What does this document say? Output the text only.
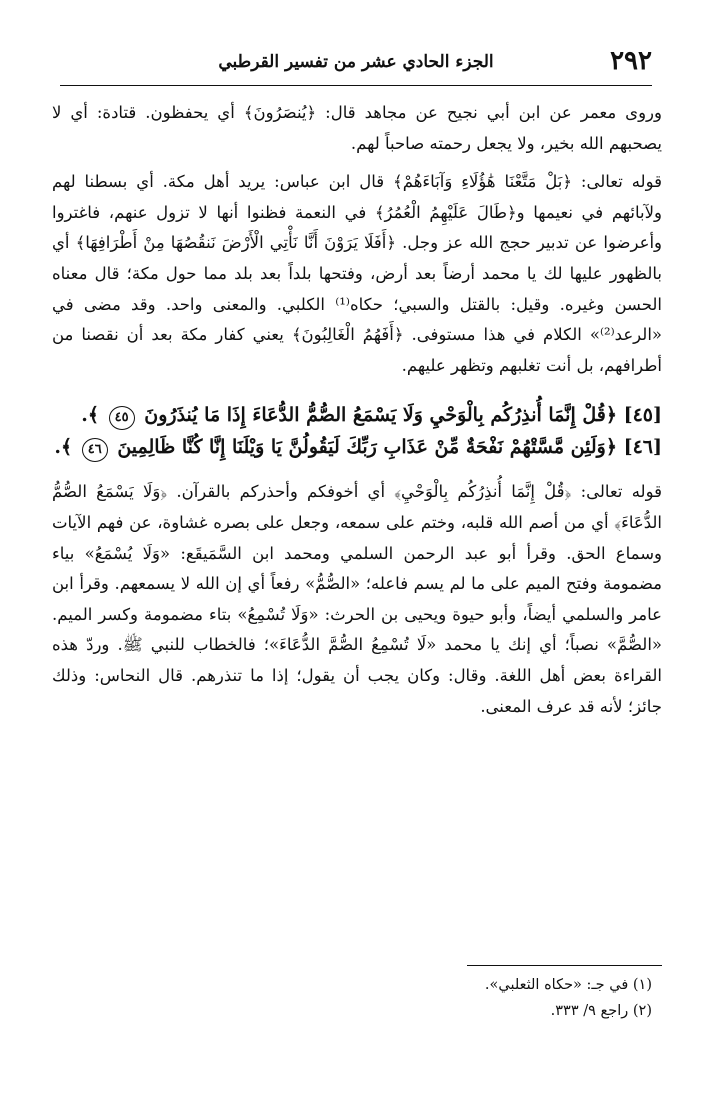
٢٩٢
الجزء الحادي عشر من تفسير القرطبي

وروى معمر عن ابن أبي نجيح عن مجاهد قال: ﴿يُنصَرُونَ﴾ أي يحفظون. قتادة: أي لا يصحبهم الله بخير، ولا يجعل رحمته صاحباً لهم.

قوله تعالى: ﴿بَلْ مَتَّعْنَا هَٰؤُلَاءِ وَآبَاءَهُمْ﴾ قال ابن عباس: يريد أهل مكة. أي بسطنا لهم ولآبائهم في نعيمها و﴿طَالَ عَلَيْهِمُ الْعُمُرُ﴾ في النعمة فظنوا أنها لا تزول عنهم، فاغتروا وأعرضوا عن تدبير حجج الله عز وجل. ﴿أَفَلَا يَرَوْنَ أَنَّا نَأْتِي الْأَرْضَ نَنقُصُهَا مِنْ أَطْرَافِهَا﴾ أي بالظهور عليها لك يا محمد أرضاً بعد أرض، وفتحها بلداً بعد بلد مما حول مكة؛ قال معناه الحسن وغيره. وقيل: بالقتل والسبي؛ حكاه⁽¹⁾ الكلبي. والمعنى واحد. وقد مضى في «الرعد⁽²⁾» الكلام في هذا مستوفى. ﴿أَفَهُمُ الْغَالِبُونَ﴾ يعني كفار مكة بعد أن نقصنا من أطرافهم، بل أنت تغلبهم وتظهر عليهم.

[٤٥] ﴿قُلْ إِنَّمَا أُنذِرُكُم بِالْوَحْيِ وَلَا يَسْمَعُ الصُّمُّ الدُّعَاءَ إِذَا مَا يُنذَرُونَ ٤٥ ﴾.

[٤٦] ﴿وَلَئِن مَّسَّتْهُمْ نَفْحَةٌ مِّنْ عَذَابِ رَبِّكَ لَيَقُولُنَّ يَا وَيْلَنَا إِنَّا كُنَّا ظَالِمِينَ ٤٦ ﴾.

قوله تعالى: ﴿قُلْ إِنَّمَا أُنذِرُكُم بِالْوَحْيِ﴾ أي أخوفكم وأحذركم بالقرآن. ﴿وَلَا يَسْمَعُ الصُّمُّ الدُّعَاءَ﴾ أي من أصم الله قلبه، وختم على سمعه، وجعل على بصره غشاوة، عن فهم الآيات وسماع الحق. وقرأ أبو عبد الرحمن السلمي ومحمد ابن السَّمَيقَع: «وَلَا يُسْمَعُ» بياء مضمومة وفتح الميم على ما لم يسم فاعله؛ «الصُّمُّ» رفعاً أي إن الله لا يسمعهم. وقرأ ابن عامر والسلمي أيضاً، وأبو حيوة ويحيى بن الحرث: «وَلَا تُسْمِعُ» بتاء مضمومة وكسر الميم. «الصُّمَّ» نصباً؛ أي إنك يا محمد «لَا تُسْمِعُ الصُّمَّ الدُّعَاءَ»؛ فالخطاب للنبي ﷺ. وردّ هذه القراءة بعض أهل اللغة. وقال: وكان يجب أن يقول؛ إذا ما تنذرهم. قال النحاس: وذلك جائز؛ لأنه قد عرف المعنى.

(١) في جـ: «حكاه الثعلبي».

(٢) راجع ٩/ ٣٣٣.
